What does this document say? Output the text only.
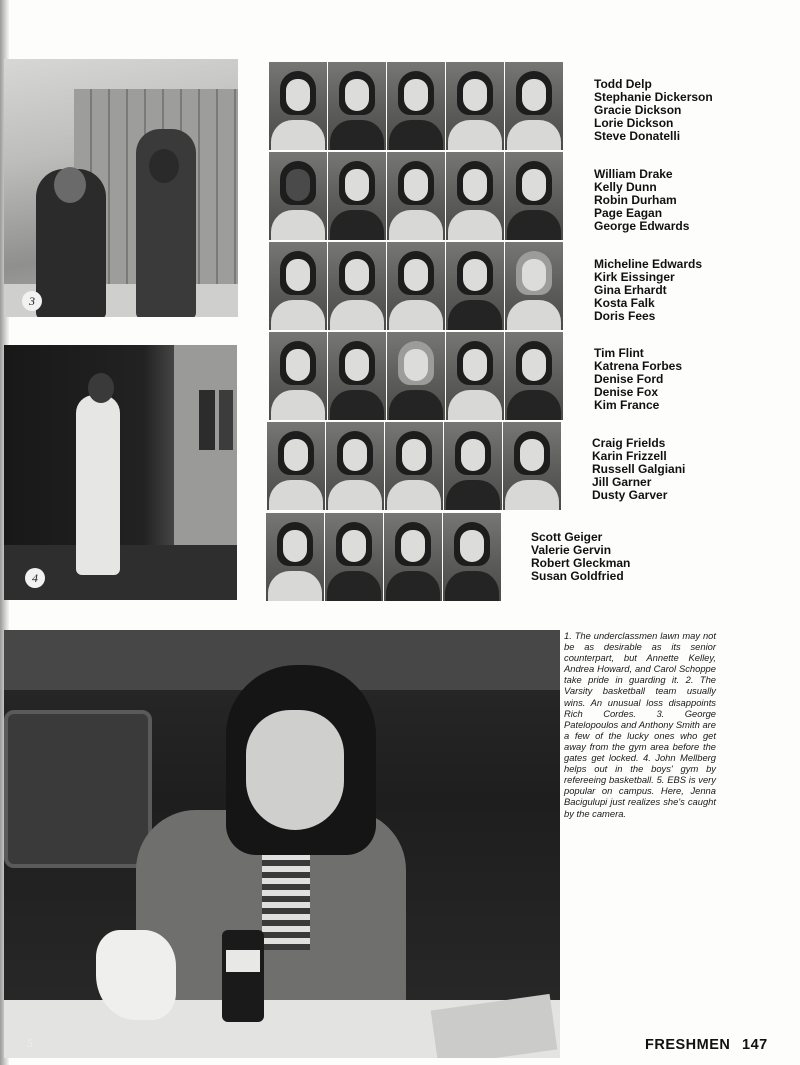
3
4
5
Todd Delp
Stephanie Dickerson
Gracie Dickson
Lorie Dickson
Steve Donatelli
William Drake
Kelly Dunn
Robin Durham
Page Eagan
George Edwards
Micheline Edwards
Kirk Eissinger
Gina Erhardt
Kosta Falk
Doris Fees
Tim Flint
Katrena Forbes
Denise Ford
Denise Fox
Kim France
Craig Frields
Karin Frizzell
Russell Galgiani
Jill Garner
Dusty Garver
Scott Geiger
Valerie Gervin
Robert Gleckman
Susan Goldfried
1. The underclassmen lawn may not be as desirable as its senior counterpart, but Annette Kelley, Andrea Howard, and Carol Schoppe take pride in guarding it. 2. The Varsity basketball team usually wins. An unusual loss disappoints Rich Cordes. 3. George Patelopoulos and Anthony Smith are a few of the lucky ones who get away from the gym area before the gates get locked. 4. John Mellberg helps out in the boys' gym by refereeing basketball. 5. EBS is very popular on campus. Here, Jenna Bacigulupi just realizes she's caught by the camera.
FRESHMEN 147
